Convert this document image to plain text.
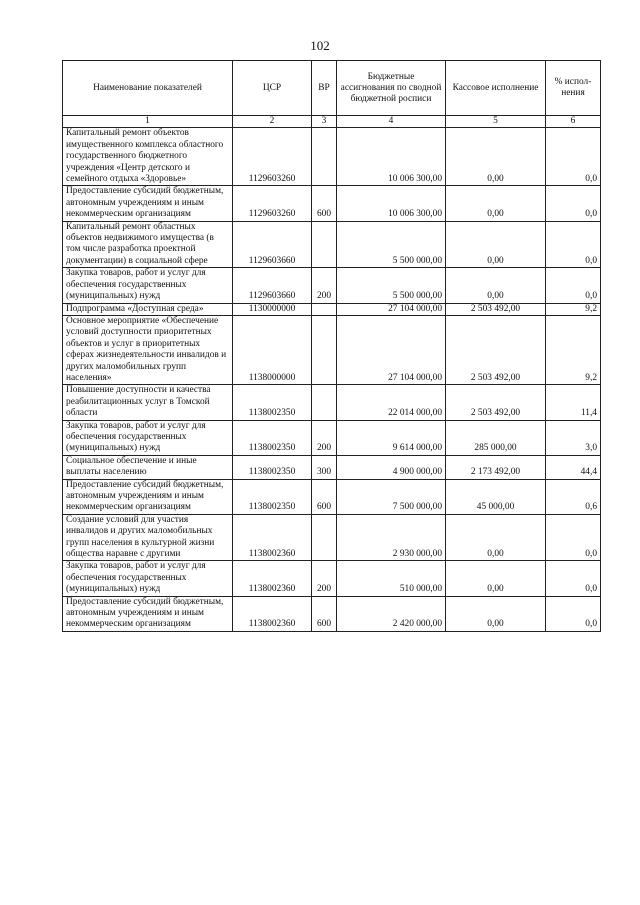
102
Наименование показателей	ЦСР	ВР	Бюджетные ассигнования по сводной бюджетной росписи	Кассовое исполнение	% испол-нения
1	2	3	4	5	6
Капитальный ремонт объектов имущественного комплекса областного государственного бюджетного учреждения «Центр детского и семейного отдыха «Здоровье»	1129603260		10 006 300,00	0,00	0,0
Предоставление субсидий бюджетным, автономным учреждениям и иным некоммерческим организациям	1129603260	600	10 006 300,00	0,00	0,0
Капитальный ремонт областных объектов недвижимого имущества (в том числе разработка проектной документации) в социальной сфере	1129603660		5 500 000,00	0,00	0,0
Закупка товаров, работ и услуг для обеспечения государственных (муниципальных) нужд	1129603660	200	5 500 000,00	0,00	0,0
Подпрограмма «Доступная среда»	1130000000		27 104 000,00	2 503 492,00	9,2
Основное мероприятие «Обеспечение условий доступности приоритетных объектов и услуг в приоритетных сферах жизнедеятельности инвалидов и других маломобильных групп населения»	1138000000		27 104 000,00	2 503 492,00	9,2
Повышение доступности и качества реабилитационных услуг в Томской области	1138002350		22 014 000,00	2 503 492,00	11,4
Закупка товаров, работ и услуг для обеспечения государственных (муниципальных) нужд	1138002350	200	9 614 000,00	285 000,00	3,0
Социальное обеспечение и иные выплаты населению	1138002350	300	4 900 000,00	2 173 492,00	44,4
Предоставление субсидий бюджетным, автономным учреждениям и иным некоммерческим организациям	1138002350	600	7 500 000,00	45 000,00	0,6
Создание условий для участия инвалидов и других маломобильных групп населения в культурной жизни общества наравне с другими	1138002360		2 930 000,00	0,00	0,0
Закупка товаров, работ и услуг для обеспечения государственных (муниципальных) нужд	1138002360	200	510 000,00	0,00	0,0
Предоставление субсидий бюджетным, автономным учреждениям и иным некоммерческим организациям	1138002360	600	2 420 000,00	0,00	0,0
